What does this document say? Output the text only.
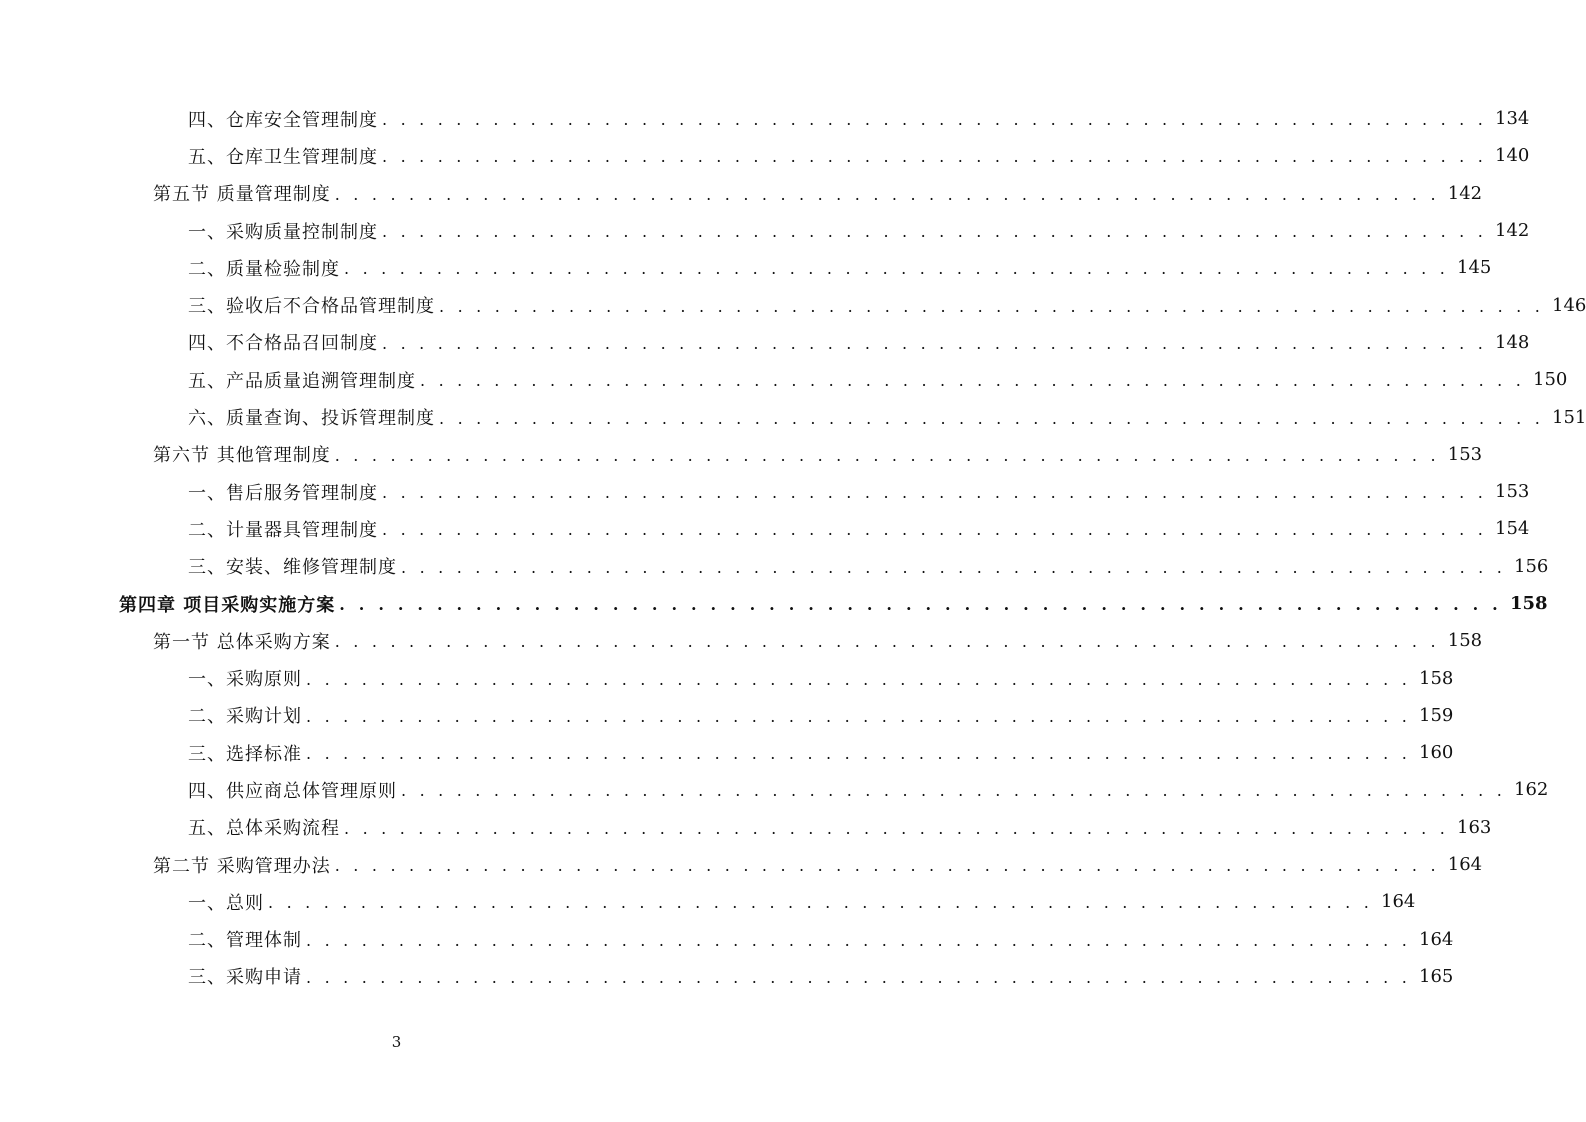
四、仓库安全管理制度 . . . . . . . . . . . . . . . . . . . . . . . . . . . . . . . . . . . . . . . . . . . . . . . . . . . . . . . . . . . . 134
五、仓库卫生管理制度 . . . . . . . . . . . . . . . . . . . . . . . . . . . . . . . . . . . . . . . . . . . . . . . . . . . . . . . . . . . . 140
第五节 质量管理制度 . . . . . . . . . . . . . . . . . . . . . . . . . . . . . . . . . . . . . . . . . . . . . . . . . . . . . . . . . . . . 142
一、采购质量控制制度 . . . . . . . . . . . . . . . . . . . . . . . . . . . . . . . . . . . . . . . . . . . . . . . . . . . . . . . . . . . . 142
二、质量检验制度 . . . . . . . . . . . . . . . . . . . . . . . . . . . . . . . . . . . . . . . . . . . . . . . . . . . . . . . . . . . . 145
三、验收后不合格品管理制度 . . . . . . . . . . . . . . . . . . . . . . . . . . . . . . . . . . . . . . . . . . . . . . . . . . . . . . . . . . . . 146
四、不合格品召回制度 . . . . . . . . . . . . . . . . . . . . . . . . . . . . . . . . . . . . . . . . . . . . . . . . . . . . . . . . . . . . 148
五、产品质量追溯管理制度 . . . . . . . . . . . . . . . . . . . . . . . . . . . . . . . . . . . . . . . . . . . . . . . . . . . . . . . . . . . . 150
六、质量查询、投诉管理制度 . . . . . . . . . . . . . . . . . . . . . . . . . . . . . . . . . . . . . . . . . . . . . . . . . . . . . . . . . . . . 151
第六节 其他管理制度 . . . . . . . . . . . . . . . . . . . . . . . . . . . . . . . . . . . . . . . . . . . . . . . . . . . . . . . . . . . . 153
一、售后服务管理制度 . . . . . . . . . . . . . . . . . . . . . . . . . . . . . . . . . . . . . . . . . . . . . . . . . . . . . . . . . . . . 153
二、计量器具管理制度 . . . . . . . . . . . . . . . . . . . . . . . . . . . . . . . . . . . . . . . . . . . . . . . . . . . . . . . . . . . . 154
三、安装、维修管理制度 . . . . . . . . . . . . . . . . . . . . . . . . . . . . . . . . . . . . . . . . . . . . . . . . . . . . . . . . . . . . 156
第四章 项目采购实施方案 . . . . . . . . . . . . . . . . . . . . . . . . . . . . . . . . . . . . . . . . . . . . . . . . . . . . . . . . . . . . 158
第一节 总体采购方案 . . . . . . . . . . . . . . . . . . . . . . . . . . . . . . . . . . . . . . . . . . . . . . . . . . . . . . . . . . . . 158
一、采购原则 . . . . . . . . . . . . . . . . . . . . . . . . . . . . . . . . . . . . . . . . . . . . . . . . . . . . . . . . . . . . 158
二、采购计划 . . . . . . . . . . . . . . . . . . . . . . . . . . . . . . . . . . . . . . . . . . . . . . . . . . . . . . . . . . . . 159
三、选择标准 . . . . . . . . . . . . . . . . . . . . . . . . . . . . . . . . . . . . . . . . . . . . . . . . . . . . . . . . . . . . 160
四、供应商总体管理原则 . . . . . . . . . . . . . . . . . . . . . . . . . . . . . . . . . . . . . . . . . . . . . . . . . . . . . . . . . . . . 162
五、总体采购流程 . . . . . . . . . . . . . . . . . . . . . . . . . . . . . . . . . . . . . . . . . . . . . . . . . . . . . . . . . . . . 163
第二节 采购管理办法 . . . . . . . . . . . . . . . . . . . . . . . . . . . . . . . . . . . . . . . . . . . . . . . . . . . . . . . . . . . . 164
一、总则 . . . . . . . . . . . . . . . . . . . . . . . . . . . . . . . . . . . . . . . . . . . . . . . . . . . . . . . . . . . . 164
二、管理体制 . . . . . . . . . . . . . . . . . . . . . . . . . . . . . . . . . . . . . . . . . . . . . . . . . . . . . . . . . . . . 164
三、采购申请 . . . . . . . . . . . . . . . . . . . . . . . . . . . . . . . . . . . . . . . . . . . . . . . . . . . . . . . . . . . . 165
3
